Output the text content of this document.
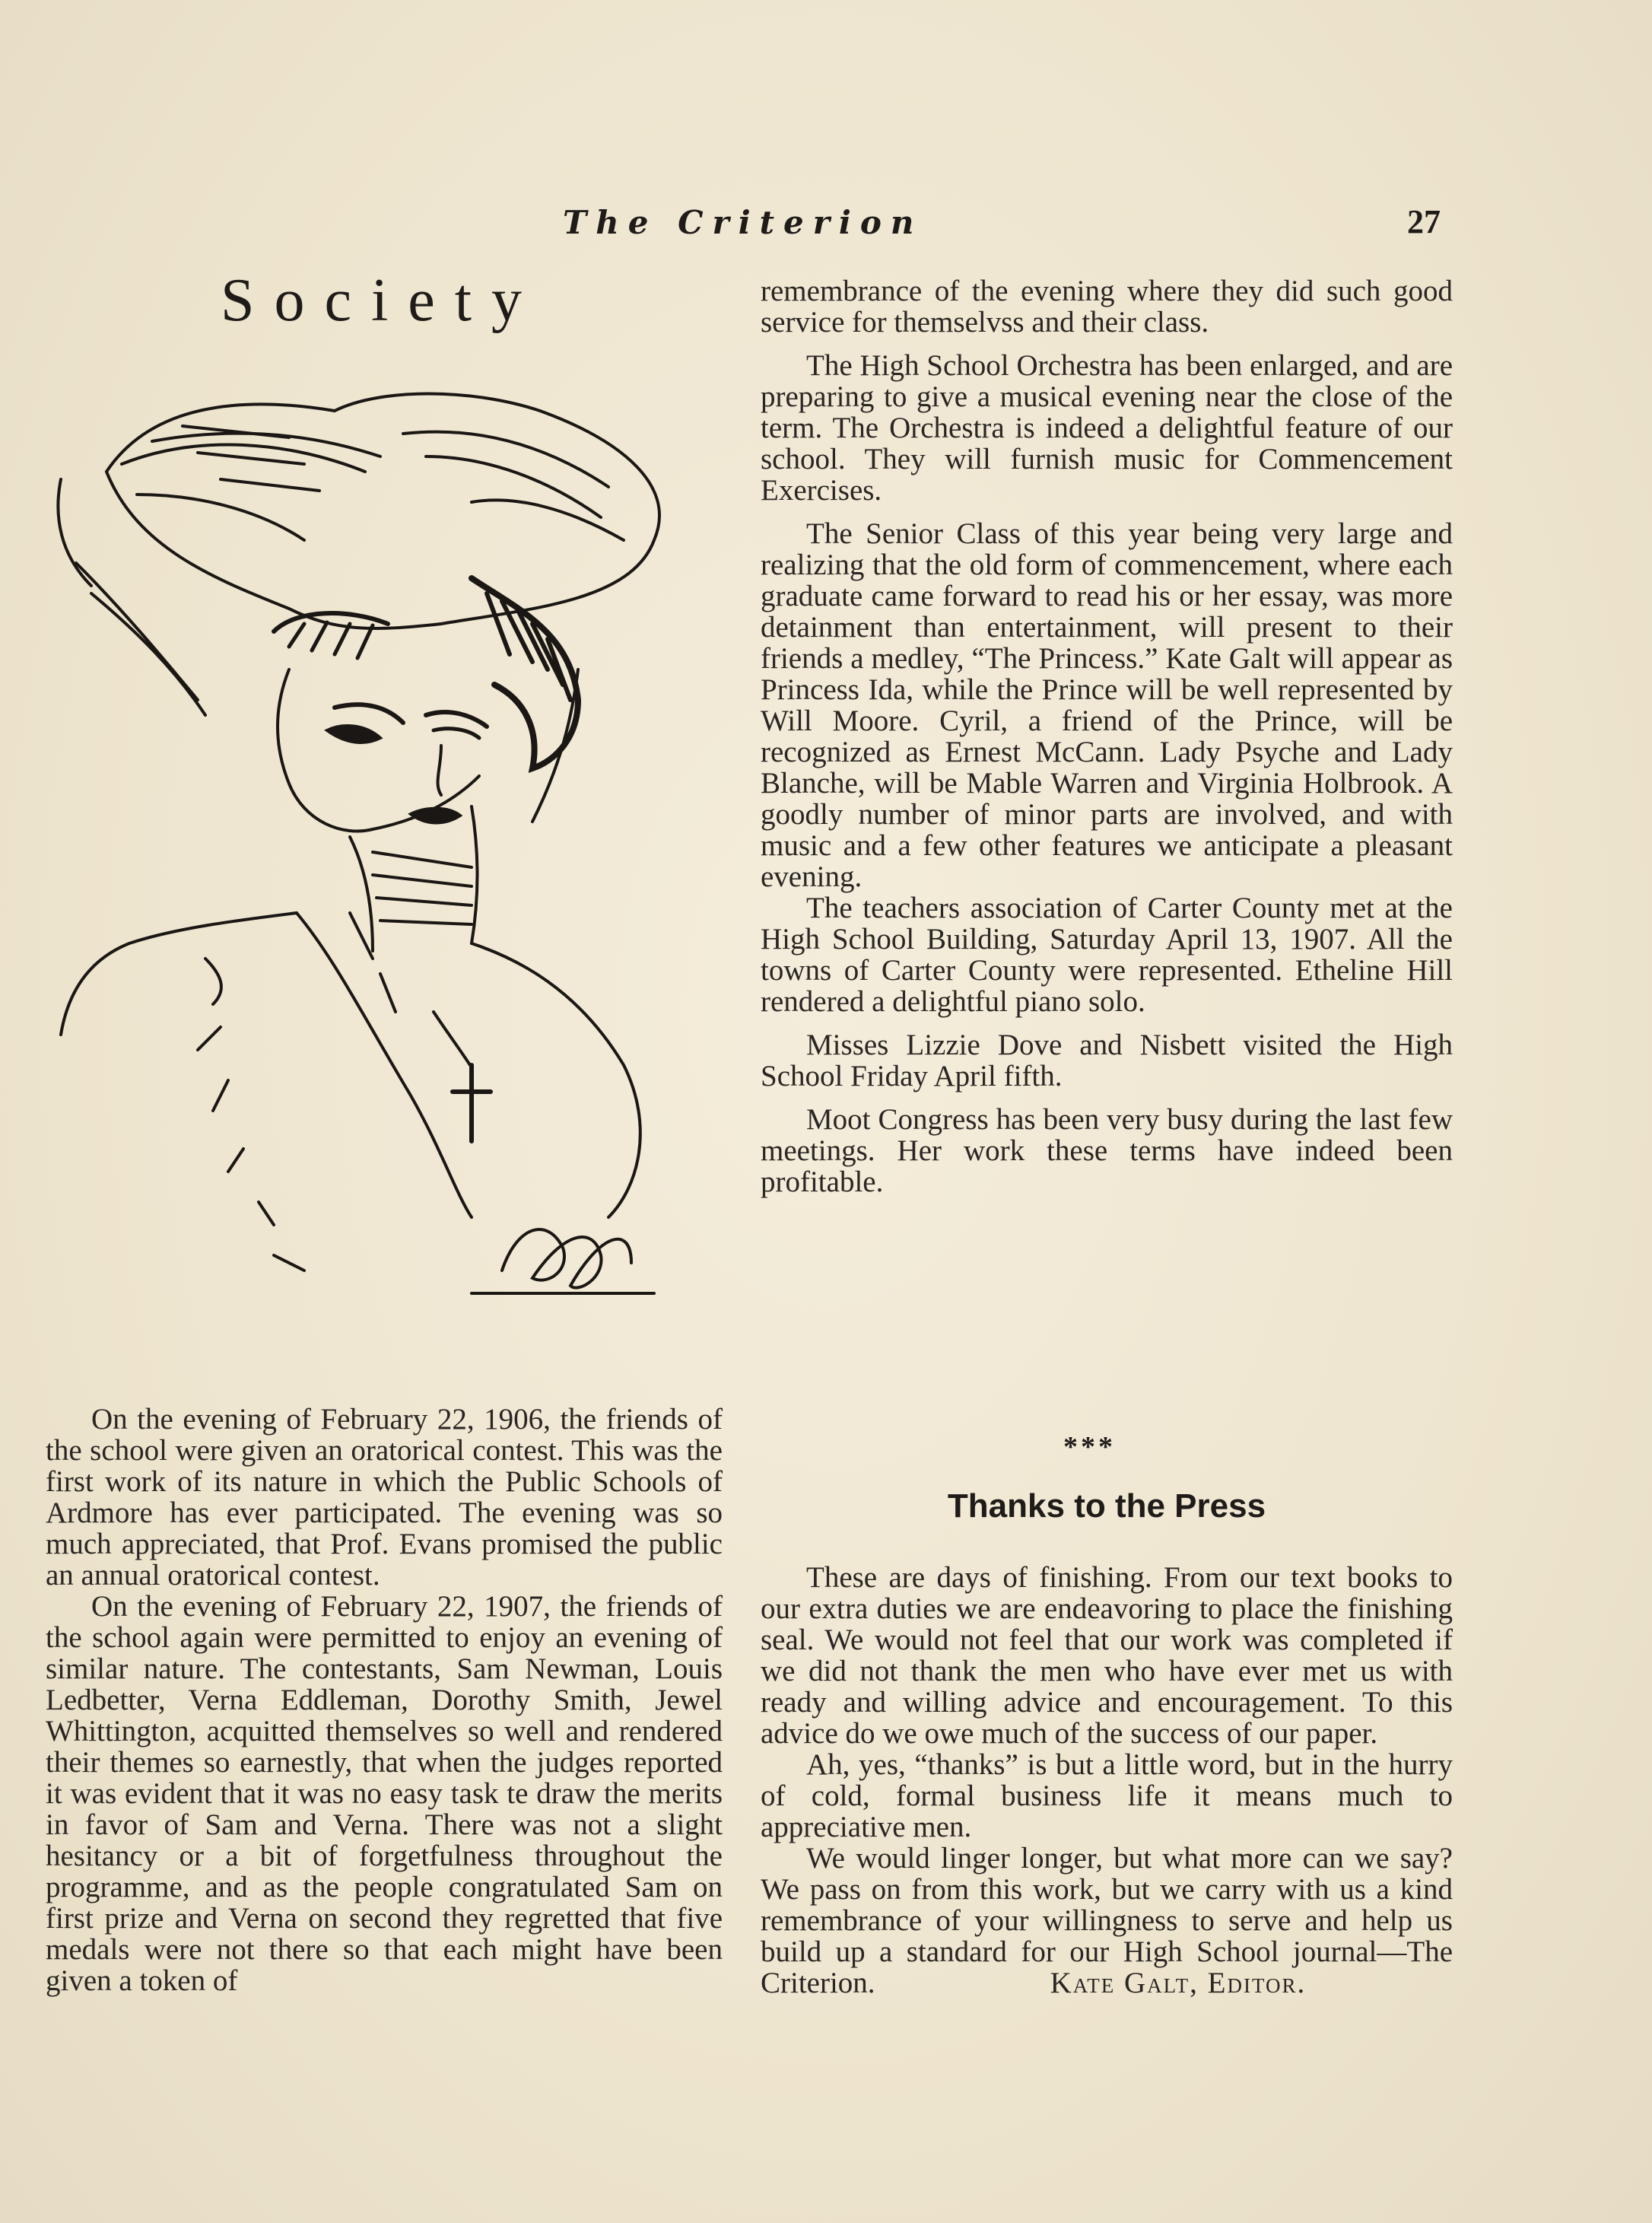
The Criterion	27
Society

On the evening of February 22, 1906, the friends of the school were given an oratorical contest. This was the first work of its nature in which the Public Schools of Ardmore has ever participated. The evening was so much appreciated, that Prof. Evans promised the public an annual oratorical contest.

On the evening of February 22, 1907, the friends of the school again were permitted to enjoy an evening of similar nature. The contestants, Sam Newman, Louis Ledbetter, Verna Eddleman, Dorothy Smith, Jewel Whittington, acquitted themselves so well and rendered their themes so earnestly, that when the judges reported it was evident that it was no easy task te draw the merits in favor of Sam and Verna. There was not a slight hesitancy or a bit of forgetfulness throughout the programme, and as the people congratulated Sam on first prize and Verna on second they regretted that five medals were not there so that each might have been given a token of

remembrance of the evening where they did such good service for themselvss and their class.

The High School Orchestra has been enlarged, and are preparing to give a musical evening near the close of the term. The Orchestra is indeed a delightful feature of our school. They will furnish music for Commencement Exercises.

The Senior Class of this year being very large and realizing that the old form of commencement, where each graduate came forward to read his or her essay, was more detainment than entertainment, will present to their friends a medley, “The Princess.” Kate Galt will appear as Princess Ida, while the Prince will be well represented by Will Moore. Cyril, a friend of the Prince, will be recognized as Ernest McCann. Lady Psyche and Lady Blanche, will be Mable Warren and Virginia Holbrook. A goodly number of minor parts are involved, and with music and a few other features we anticipate a pleasant evening.

The teachers association of Carter County met at the High School Building, Saturday April 13, 1907. All the towns of Carter County were represented. Etheline Hill rendered a delightful piano solo.

Misses Lizzie Dove and Nisbett visited the High School Friday April fifth.

Moot Congress has been very busy during the last few meetings. Her work these terms have indeed been profitable.

***
Thanks to the Press

These are days of finishing. From our text books to our extra duties we are endeavoring to place the finishing seal. We would not feel that our work was completed if we did not thank the men who have ever met us with ready and willing advice and encouragement. To this advice do we owe much of the success of our paper.

Ah, yes, “thanks” is but a little word, but in the hurry of cold, formal business life it means much to appreciative men.

We would linger longer, but what more can we say? We pass on from this work, but we carry with us a kind remembrance of your willingness to serve and help us build up a standard for our High School journal—The Criterion.	Kate Galt, Editor.
